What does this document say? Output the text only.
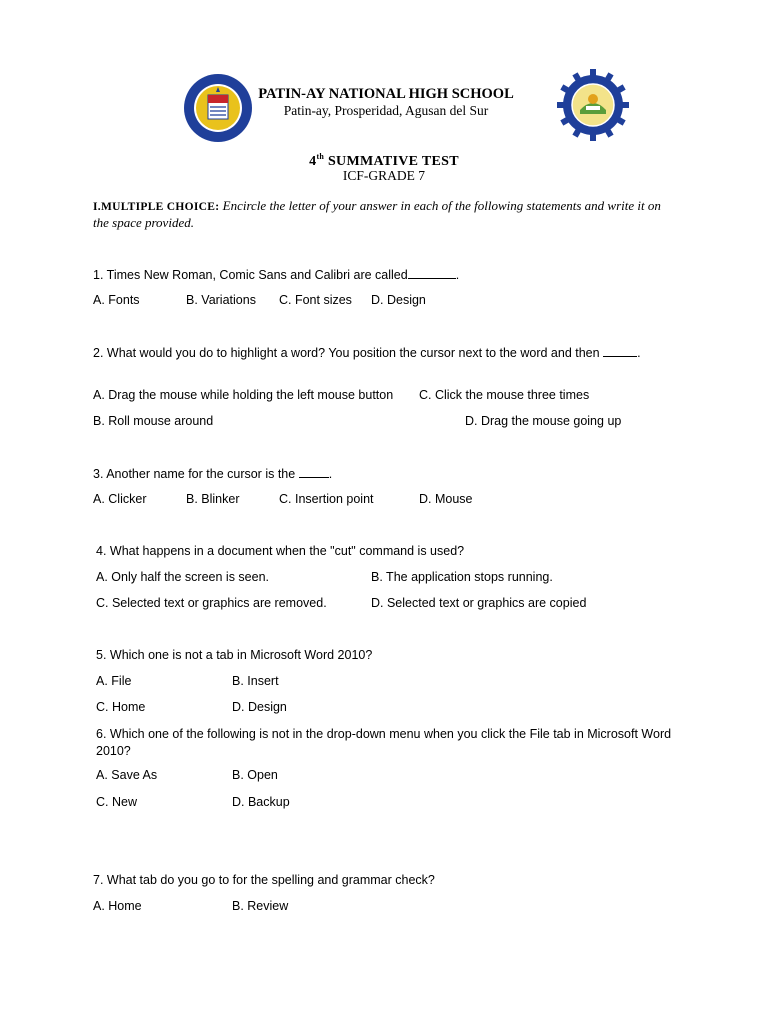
PATIN-AY NATIONAL HIGH SCHOOL
Patin-ay, Prosperidad, Agusan del Sur
4th SUMMATIVE TEST
ICF-GRADE 7
I.MULTIPLE CHOICE: Encircle the letter of your answer in each of the following statements and write it on the space provided.
1. Times New Roman, Comic Sans and Calibri are called	.
A. Fonts	B. Variations C. Font sizes D. Design
2. What would you do to highlight a word? You position the cursor next to the word and then	.
A. Drag the mouse while holding the left mouse button C. Click the mouse three times
B. Roll mouse around	D. Drag the mouse going up
3. Another name for the cursor is the	.
A. Clicker	B. Blinker	C. Insertion point	D. Mouse
4. What happens in a document when the "cut" command is used?
A. Only half the screen is seen.	B. The application stops running.
C. Selected text or graphics are removed.	D. Selected text or graphics are copied
5. Which one is not a tab in Microsoft Word 2010?
A. File	B. Insert
C. Home	D. Design
6. Which one of the following is not in the drop-down menu when you click the File tab in Microsoft Word 2010?
A. Save As	B. Open
C. New	D. Backup
7. What tab do you go to for the spelling and grammar check?
A. Home	B. Review
